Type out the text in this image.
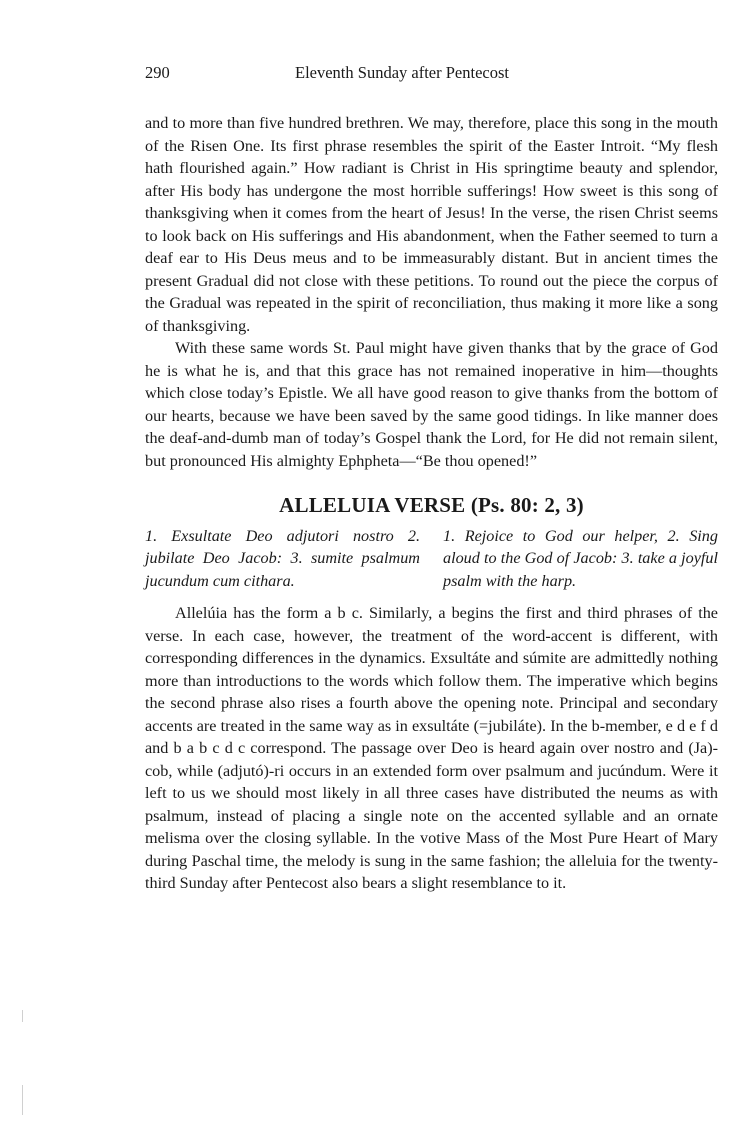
290	Eleventh Sunday after Pentecost

and to more than five hundred brethren. We may, therefore, place this song in the mouth of the Risen One. Its first phrase resembles the spirit of the Easter Introit. “My flesh hath flourished again.” How radiant is Christ in His springtime beauty and splendor, after His body has undergone the most horrible sufferings! How sweet is this song of thanksgiving when it comes from the heart of Jesus! In the verse, the risen Christ seems to look back on His sufferings and His abandonment, when the Father seemed to turn a deaf ear to His Deus meus and to be immeasurably distant. But in ancient times the present Gradual did not close with these petitions. To round out the piece the corpus of the Gradual was repeated in the spirit of reconciliation, thus making it more like a song of thanksgiving.

With these same words St. Paul might have given thanks that by the grace of God he is what he is, and that this grace has not remained inoperative in him—thoughts which close today’s Epistle. We all have good reason to give thanks from the bottom of our hearts, because we have been saved by the same good tidings. In like manner does the deaf-and-dumb man of today’s Gospel thank the Lord, for He did not remain silent, but pronounced His almighty Ephpheta—“Be thou opened!”

ALLELUIA VERSE (Ps. 80: 2, 3)
1. Exsultate Deo adjutori nostro 2. jubilate Deo Jacob: 3. sumite psalmum jucundum cum cithara.
1. Rejoice to God our helper, 2. Sing aloud to the God of Jacob: 3. take a joyful psalm with the harp.

Allelúia has the form a b c. Similarly, a begins the first and third phrases of the verse. In each case, however, the treatment of the word-accent is different, with corresponding differences in the dynamics. Exsultáte and súmite are admittedly nothing more than introductions to the words which follow them. The imperative which begins the second phrase also rises a fourth above the opening note. Principal and secondary accents are treated in the same way as in exsultáte (=jubiláte). In the b-member, e d e f d and b a b c d c correspond. The passage over Deo is heard again over nostro and (Ja)-cob, while (adjutó)-ri occurs in an extended form over psalmum and jucúndum. Were it left to us we should most likely in all three cases have distributed the neums as with psalmum, instead of placing a single note on the accented syllable and an ornate melisma over the closing syllable. In the votive Mass of the Most Pure Heart of Mary during Paschal time, the melody is sung in the same fashion; the alleluia for the twenty-third Sunday after Pentecost also bears a slight resemblance to it.
